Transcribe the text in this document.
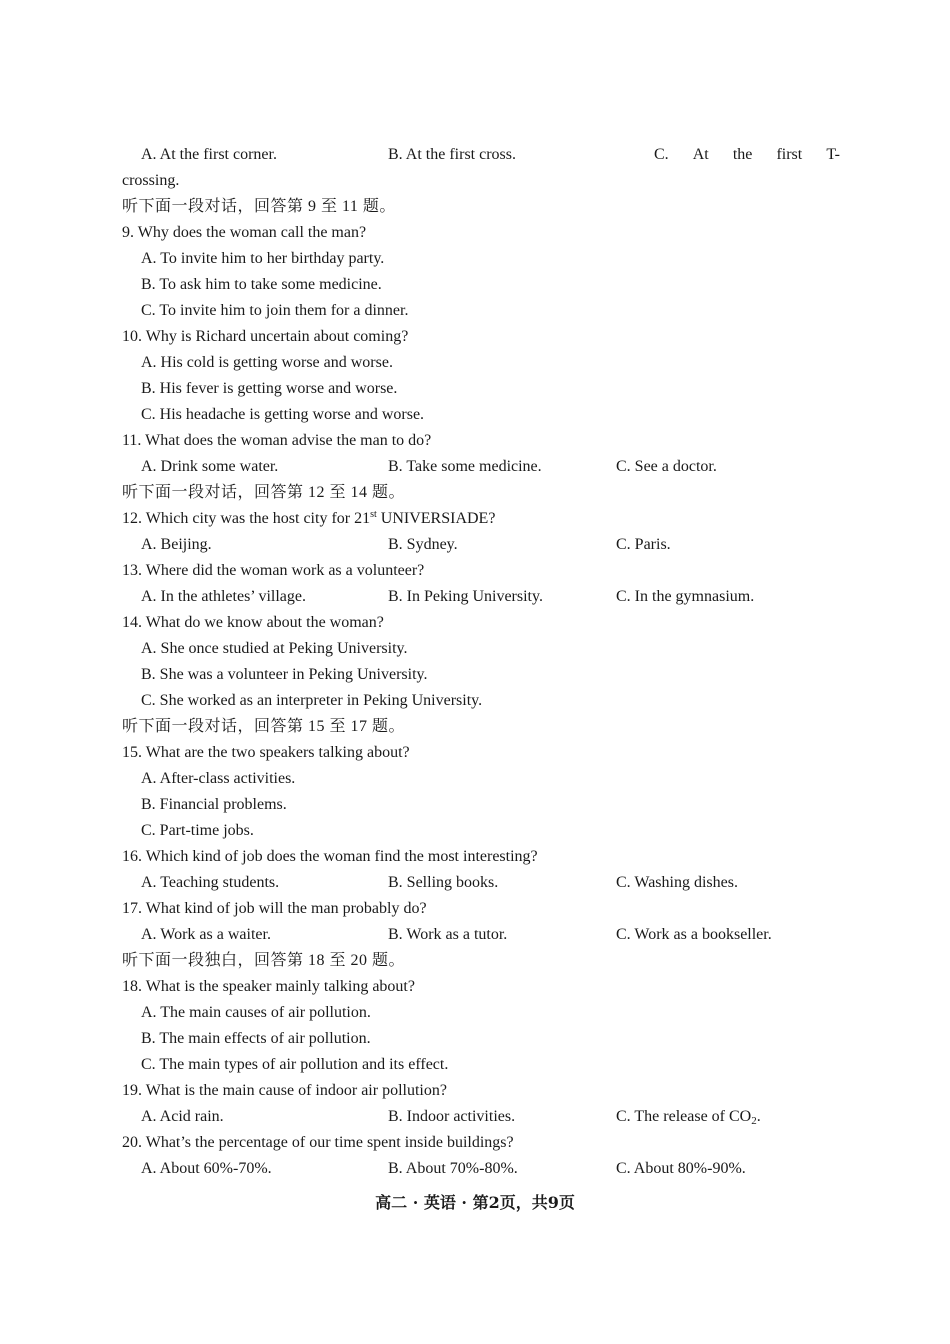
A. At the first corner.	B. At the first cross.	C. At the first T-
crossing.
听下面一段对话，回答第 9 至 11 题。
9. Why does the woman call the man?
A. To invite him to her birthday party.
B. To ask him to take some medicine.
C. To invite him to join them for a dinner.
10. Why is Richard uncertain about coming?
A. His cold is getting worse and worse.
B. His fever is getting worse and worse.
C. His headache is getting worse and worse.
11. What does the woman advise the man to do?
A. Drink some water.	B. Take some medicine.	C. See a doctor.
听下面一段对话，回答第 12 至 14 题。
12. Which city was the host city for 21st UNIVERSIADE?
A. Beijing.	B. Sydney.	C. Paris.
13. Where did the woman work as a volunteer?
A. In the athletes’ village.	B. In Peking University.	C. In the gymnasium.
14. What do we know about the woman?
A. She once studied at Peking University.
B. She was a volunteer in Peking University.
C. She worked as an interpreter in Peking University.
听下面一段对话，回答第 15 至 17 题。
15. What are the two speakers talking about?
A. After-class activities.
B. Financial problems.
C. Part-time jobs.
16. Which kind of job does the woman find the most interesting?
A. Teaching students.	B. Selling books.	C. Washing dishes.
17. What kind of job will the man probably do?
A. Work as a waiter.	B. Work as a tutor.	C. Work as a bookseller.
听下面一段独白，回答第 18 至 20 题。
18. What is the speaker mainly talking about?
A. The main causes of air pollution.
B. The main effects of air pollution.
C. The main types of air pollution and its effect.
19. What is the main cause of indoor air pollution?
A. Acid rain.	B. Indoor activities.	C. The release of $CO_2$.
20. What’s the percentage of our time spent inside buildings?
A. About 60%-70%.	B. About 70%-80%.	C. About 80%-90%.
高二 · 英语 · 第2页，共9页
